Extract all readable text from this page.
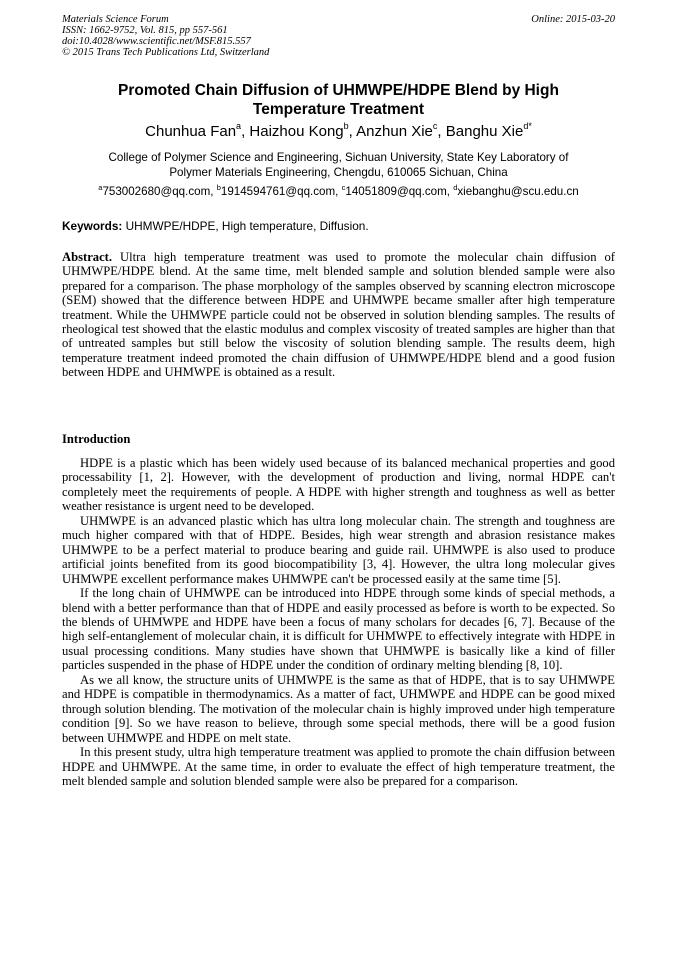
Materials Science Forum
ISSN: 1662-9752, Vol. 815, pp 557-561
doi:10.4028/www.scientific.net/MSF.815.557
© 2015 Trans Tech Publications Ltd, Switzerland
Online: 2015-03-20
Promoted Chain Diffusion of UHMWPE/HDPE Blend by High
Temperature Treatment
Chunhua Fan$^a$, Haizhou Kong$^b$, Anzhun Xie$^c$, Banghu Xie$^{d*}$
College of Polymer Science and Engineering, Sichuan University, State Key Laboratory of
Polymer Materials Engineering, Chengdu, 610065 Sichuan, China
$^a$753002680@qq.com, $^b$1914594761@qq.com, $^c$14051809@qq.com, $^d$xiebanghu@scu.edu.cn
Keywords: UHMWPE/HDPE, High temperature, Diffusion.
Abstract. Ultra high temperature treatment was used to promote the molecular chain diffusion of UHMWPE/HDPE blend. At the same time, melt blended sample and solution blended sample were also prepared for a comparison. The phase morphology of the samples observed by scanning electron microscope (SEM) showed that the difference between HDPE and UHMWPE became smaller after high temperature treatment. While the UHMWPE particle could not be observed in solution blending samples. The results of rheological test showed that the elastic modulus and complex viscosity of treated samples are higher than that of untreated samples but still below the viscosity of solution blending sample. The results deem, high temperature treatment indeed promoted the chain diffusion of UHMWPE/HDPE blend and a good fusion between HDPE and UHMWPE is obtained as a result.
Introduction

HDPE is a plastic which has been widely used because of its balanced mechanical properties and good processability [1, 2]. However, with the development of production and living, normal HDPE can't completely meet the requirements of people. A HDPE with higher strength and toughness as well as better weather resistance is urgent need to be developed.

UHMWPE is an advanced plastic which has ultra long molecular chain. The strength and toughness are much higher compared with that of HDPE. Besides, high wear strength and abrasion resistance makes UHMWPE to be a perfect material to produce bearing and guide rail. UHMWPE is also used to produce artificial joints benefited from its good biocompatibility [3, 4]. However, the ultra long molecular gives UHMWPE excellent performance makes UHMWPE can't be processed easily at the same time [5].

If the long chain of UHMWPE can be introduced into HDPE through some kinds of special methods, a blend with a better performance than that of HDPE and easily processed as before is worth to be expected. So the blends of UHMWPE and HDPE have been a focus of many scholars for decades [6, 7]. Because of the high self-entanglement of molecular chain, it is difficult for UHMWPE to effectively integrate with HDPE in usual processing conditions. Many studies have shown that UHMWPE is basically like a kind of filler particles suspended in the phase of HDPE under the condition of ordinary melting blending [8, 10].

As we all know, the structure units of UHMWPE is the same as that of HDPE, that is to say UHMWPE and HDPE is compatible in thermodynamics. As a matter of fact, UHMWPE and HDPE can be good mixed through solution blending. The motivation of the molecular chain is highly improved under high temperature condition [9]. So we have reason to believe, through some special methods, there will be a good fusion between UHMWPE and HDPE on melt state.

In this present study, ultra high temperature treatment was applied to promote the chain diffusion between HDPE and UHMWPE. At the same time, in order to evaluate the effect of high temperature treatment, the melt blended sample and solution blended sample were also be prepared for a comparison.
